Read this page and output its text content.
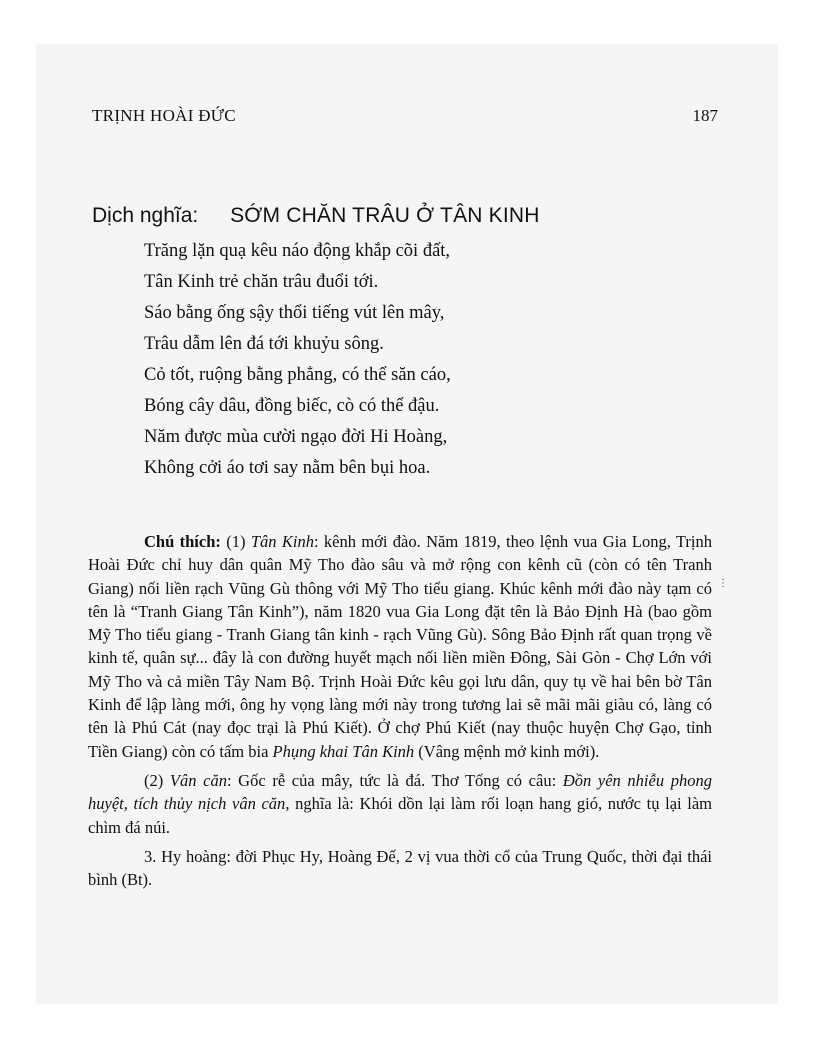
TRỊNH HOÀI ĐỨC	187
Dịch nghĩa: SỚM CHĂN TRÂU Ở TÂN KINH
Trăng lặn quạ kêu náo động khắp cõi đất,
Tân Kinh trẻ chăn trâu đuổi tới.
Sáo bằng ống sậy thổi tiếng vút lên mây,
Trâu dẫm lên đá tới khuỷu sông.
Cỏ tốt, ruộng bằng phẳng, có thể săn cáo,
Bóng cây dâu, đồng biếc, cò có thể đậu.
Năm được mùa cười ngạo đời Hi Hoàng,
Không cởi áo tơi say nằm bên bụi hoa.

Chú thích: (1) Tân Kinh: kênh mới đào. Năm 1819, theo lệnh vua Gia Long, Trịnh Hoài Đức chỉ huy dân quân Mỹ Tho đào sâu và mở rộng con kênh cũ (còn có tên Tranh Giang) nối liền rạch Vũng Gù thông với Mỹ Tho tiểu giang. Khúc kênh mới đào này tạm có tên là “Tranh Giang Tân Kinh”), năm 1820 vua Gia Long đặt tên là Bảo Định Hà (bao gồm Mỹ Tho tiểu giang - Tranh Giang tân kinh - rạch Vũng Gù). Sông Bảo Định rất quan trọng về kinh tế, quân sự... đây là con đường huyết mạch nối liền miền Đông, Sài Gòn - Chợ Lớn với Mỹ Tho và cả miền Tây Nam Bộ. Trịnh Hoài Đức kêu gọi lưu dân, quy tụ về hai bên bờ Tân Kinh để lập làng mới, ông hy vọng làng mới này trong tương lai sẽ mãi mãi giàu có, làng có tên là Phú Cát (nay đọc trại là Phú Kiết). Ở chợ Phú Kiết (nay thuộc huyện Chợ Gạo, tỉnh Tiền Giang) còn có tấm bia Phụng khai Tân Kinh (Vâng mệnh mở kinh mới).

(2) Vân căn: Gốc rễ của mây, tức là đá. Thơ Tống có câu: Đồn yên nhiễu phong huyệt, tích thủy nịch vân căn, nghĩa là: Khói dồn lại làm rối loạn hang gió, nước tụ lại làm chìm đá núi.

3. Hy hoàng: đời Phục Hy, Hoàng Đế, 2 vị vua thời cổ của Trung Quốc, thời đại thái bình (Bt).

⋮
